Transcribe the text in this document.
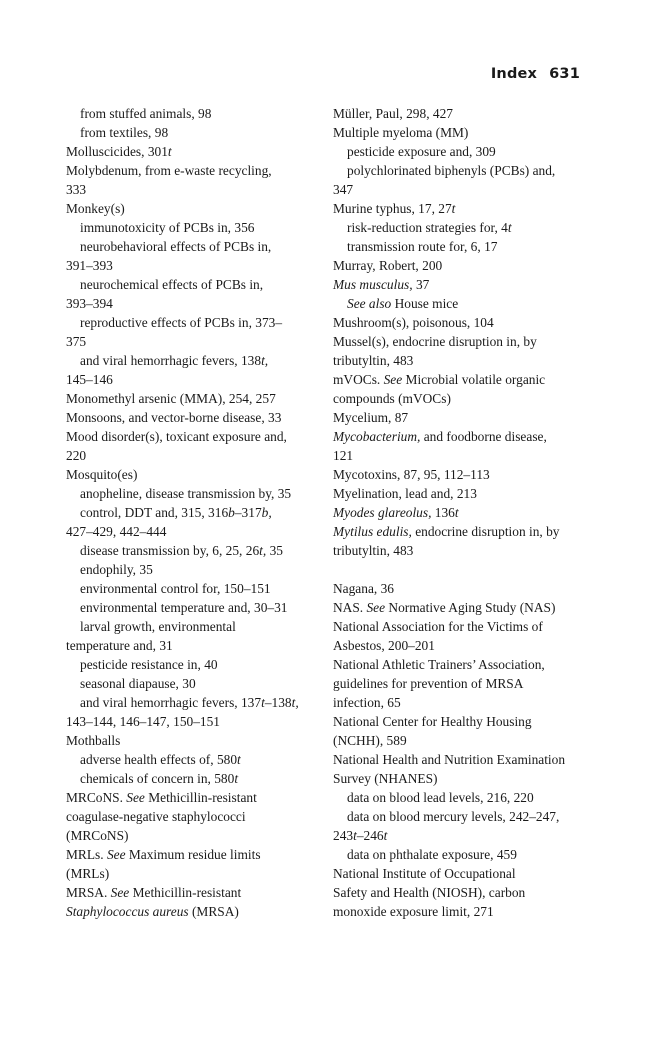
Index 631
from stuffed animals, 98
from textiles, 98
Molluscicides, 301t
Molybdenum, from e-waste recycling,
333
Monkey(s)
immunotoxicity of PCBs in, 356
neurobehavioral effects of PCBs in,
391–393
neurochemical effects of PCBs in,
393–394
reproductive effects of PCBs in, 373–
375
and viral hemorrhagic fevers, 138t,
145–146
Monomethyl arsenic (MMA), 254, 257
Monsoons, and vector-borne disease, 33
Mood disorder(s), toxicant exposure and,
220
Mosquito(es)
anopheline, disease transmission by, 35
control, DDT and, 315, 316b–317b,
427–429, 442–444
disease transmission by, 6, 25, 26t, 35
endophily, 35
environmental control for, 150–151
environmental temperature and, 30–31
larval growth, environmental
temperature and, 31
pesticide resistance in, 40
seasonal diapause, 30
and viral hemorrhagic fevers, 137t–138t,
143–144, 146–147, 150–151
Mothballs
adverse health effects of, 580t
chemicals of concern in, 580t
MRCoNS. See Methicillin-resistant
coagulase-negative staphylococci
(MRCoNS)
MRLs. See Maximum residue limits
(MRLs)
MRSA. See Methicillin-resistant
Staphylococcus aureus (MRSA)
Müller, Paul, 298, 427
Multiple myeloma (MM)
pesticide exposure and, 309
polychlorinated biphenyls (PCBs) and,
347
Murine typhus, 17, 27t
risk-reduction strategies for, 4t
transmission route for, 6, 17
Murray, Robert, 200
Mus musculus, 37
See also House mice
Mushroom(s), poisonous, 104
Mussel(s), endocrine disruption in, by
tributyltin, 483
mVOCs. See Microbial volatile organic
compounds (mVOCs)
Mycelium, 87
Mycobacterium, and foodborne disease,
121
Mycotoxins, 87, 95, 112–113
Myelination, lead and, 213
Myodes glareolus, 136t
Mytilus edulis, endocrine disruption in, by
tributyltin, 483
Nagana, 36
NAS. See Normative Aging Study (NAS)
National Association for the Victims of
Asbestos, 200–201
National Athletic Trainers’ Association,
guidelines for prevention of MRSA
infection, 65
National Center for Healthy Housing
(NCHH), 589
National Health and Nutrition Examination
Survey (NHANES)
data on blood lead levels, 216, 220
data on blood mercury levels, 242–247,
243t–246t
data on phthalate exposure, 459
National Institute of Occupational
Safety and Health (NIOSH), carbon
monoxide exposure limit, 271
